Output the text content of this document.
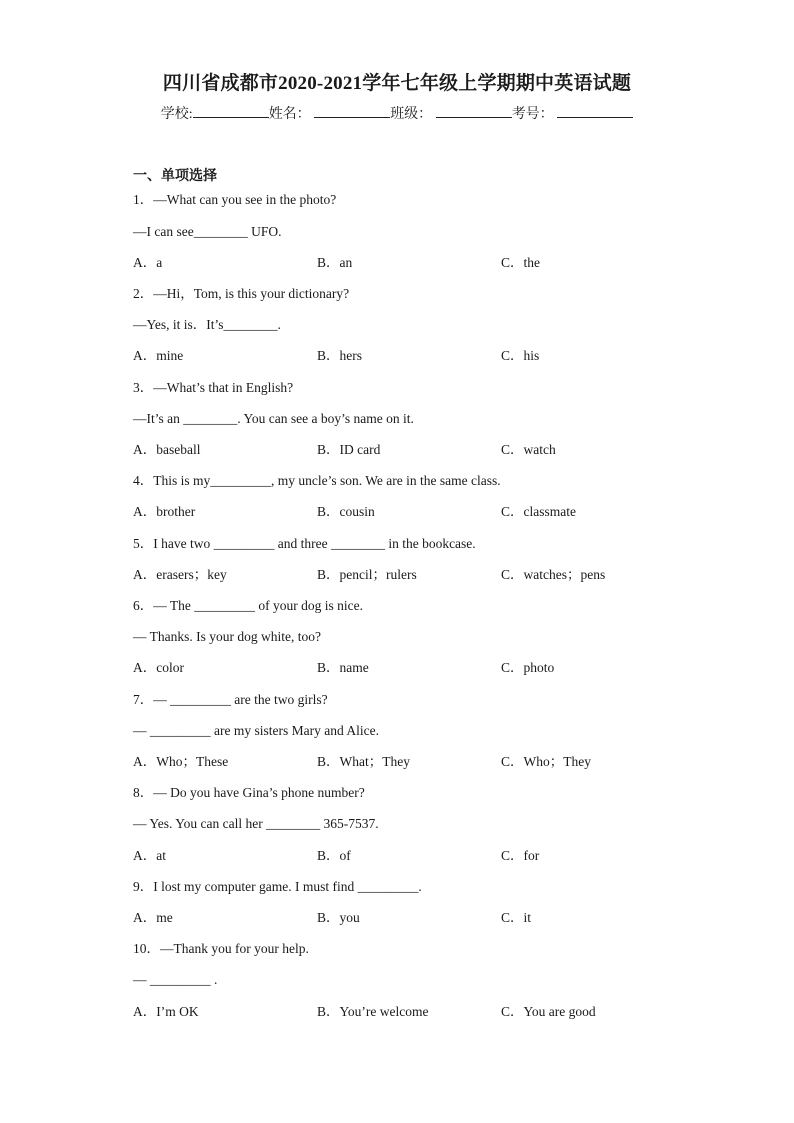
四川省成都市2020-2021学年七年级上学期期中英语试题
学校:	姓名：	班级：	考号：
一、单项选择
1．—What can you see in the photo?
—I can see________ UFO.
A．a	B．an	C．the
2．—Hi，Tom, is this your dictionary?
—Yes, it is．It’s________.
A．mine	B．hers	C．his
3．—What’s that in English?
—It’s an ________. You can see a boy’s name on it.
A．baseball	B．ID card	C．watch
4．This is my_________, my uncle’s son. We are in the same class.
A．brother	B．cousin	C．classmate
5．I have two _________ and three ________ in the bookcase.
A．erasers；key	B．pencil；rulers	C．watches；pens
6．— The _________ of your dog is nice.
— Thanks. Is your dog white, too?
A．color	B．name	C．photo
7．— _________ are the two girls?
— _________ are my sisters Mary and Alice.
A．Who；These	B．What；They	C．Who；They
8．— Do you have Gina’s phone number?
— Yes. You can call her ________ 365-7537.
A．at	B．of	C．for
9．I lost my computer game. I must find _________.
A．me	B．you	C．it
10．—Thank you for your help.
— _________ .
A．I’m OK	B．You’re welcome	C．You are good
